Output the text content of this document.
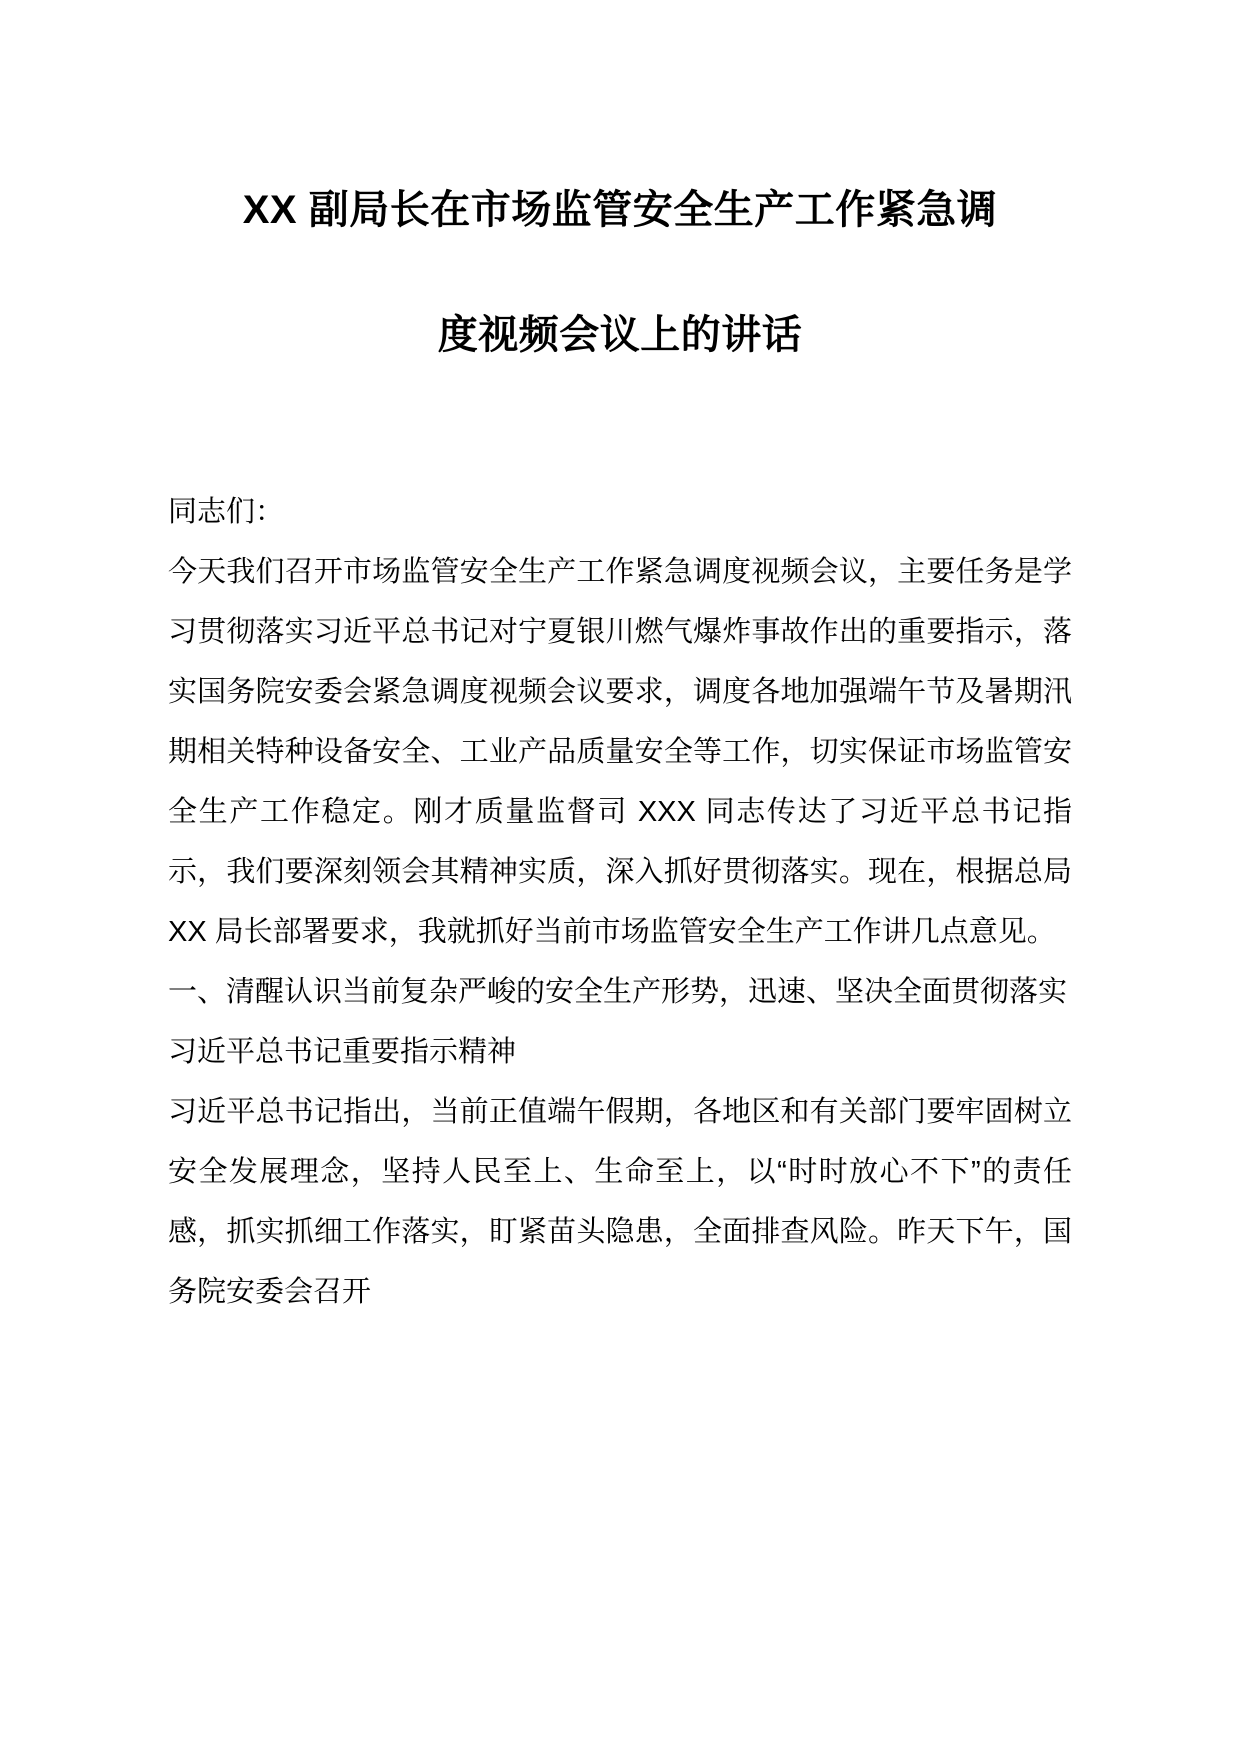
XX 副局长在市场监管安全生产工作紧急调
度视频会议上的讲话

同志们：

今天我们召开市场监管安全生产工作紧急调度视频会议，主要任务是学习贯彻落实习近平总书记对宁夏银川燃气爆炸事故作出的重要指示，落实国务院安委会紧急调度视频会议要求，调度各地加强端午节及暑期汛期相关特种设备安全、工业产品质量安全等工作，切实保证市场监管安全生产工作稳定。刚才质量监督司 XXX 同志传达了习近平总书记指示，我们要深刻领会其精神实质，深入抓好贯彻落实。现在，根据总局 XX 局长部署要求，我就抓好当前市场监管安全生产工作讲几点意见。

一、清醒认识当前复杂严峻的安全生产形势，迅速、坚决全面贯彻落实习近平总书记重要指示精神

习近平总书记指出，当前正值端午假期，各地区和有关部门要牢固树立安全发展理念，坚持人民至上、生命至上，以“时时放心不下”的责任感，抓实抓细工作落实，盯紧苗头隐患，全面排查风险。昨天下午，国务院安委会召开
